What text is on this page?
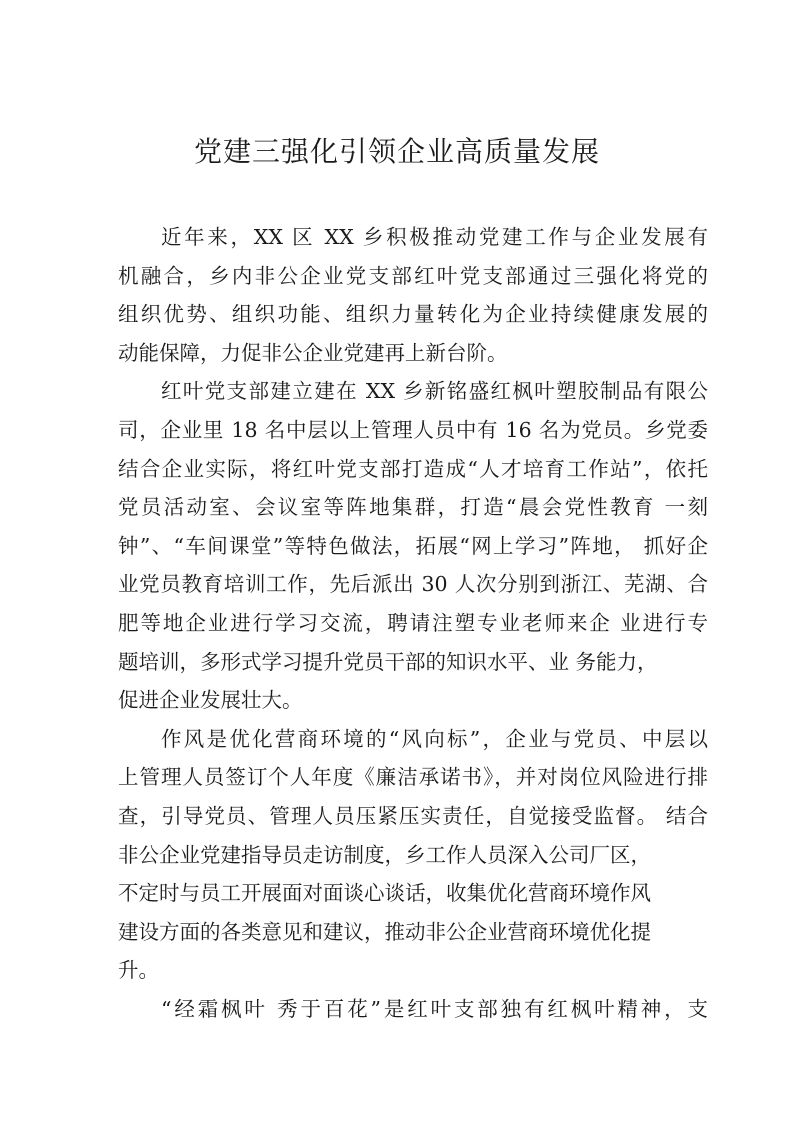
党建三强化引领企业高质量发展
近年来，XX 区 XX 乡积极推动党建工作与企业发展有
机融合，乡内非公企业党支部红叶党支部通过三强化将党的
组织优势、组织功能、组织力量转化为企业持续健康发展的
动能保障，力促非公企业党建再上新台阶。
红叶党支部建立建在 XX 乡新铭盛红枫叶塑胶制品有限公
司，企业里 18 名中层以上管理人员中有 16 名为党员。乡党委
结合企业实际，将红叶党支部打造成“人才培育工作站”，依托
党员活动室、会议室等阵地集群，打造“晨会党性教育 一刻
钟”、“车间课堂”等特色做法，拓展“网上学习”阵地， 抓好企
业党员教育培训工作，先后派出 30 人次分别到浙江、芜湖、合
肥等地企业进行学习交流，聘请注塑专业老师来企 业进行专
题培训，多形式学习提升党员干部的知识水平、业 务能力，
促进企业发展壮大。
作风是优化营商环境的“风向标”，企业与党员、中层以
上管理人员签订个人年度《廉洁承诺书》，并对岗位风险进行排
查，引导党员、管理人员压紧压实责任，自觉接受监督。 结合
非公企业党建指导员走访制度，乡工作人员深入公司厂区，
不定时与员工开展面对面谈心谈话，收集优化营商环境作风
建设方面的各类意见和建议，推动非公企业营商环境优化提
升。
“经霜枫叶 秀于百花”是红叶支部独有红枫叶精神，支
